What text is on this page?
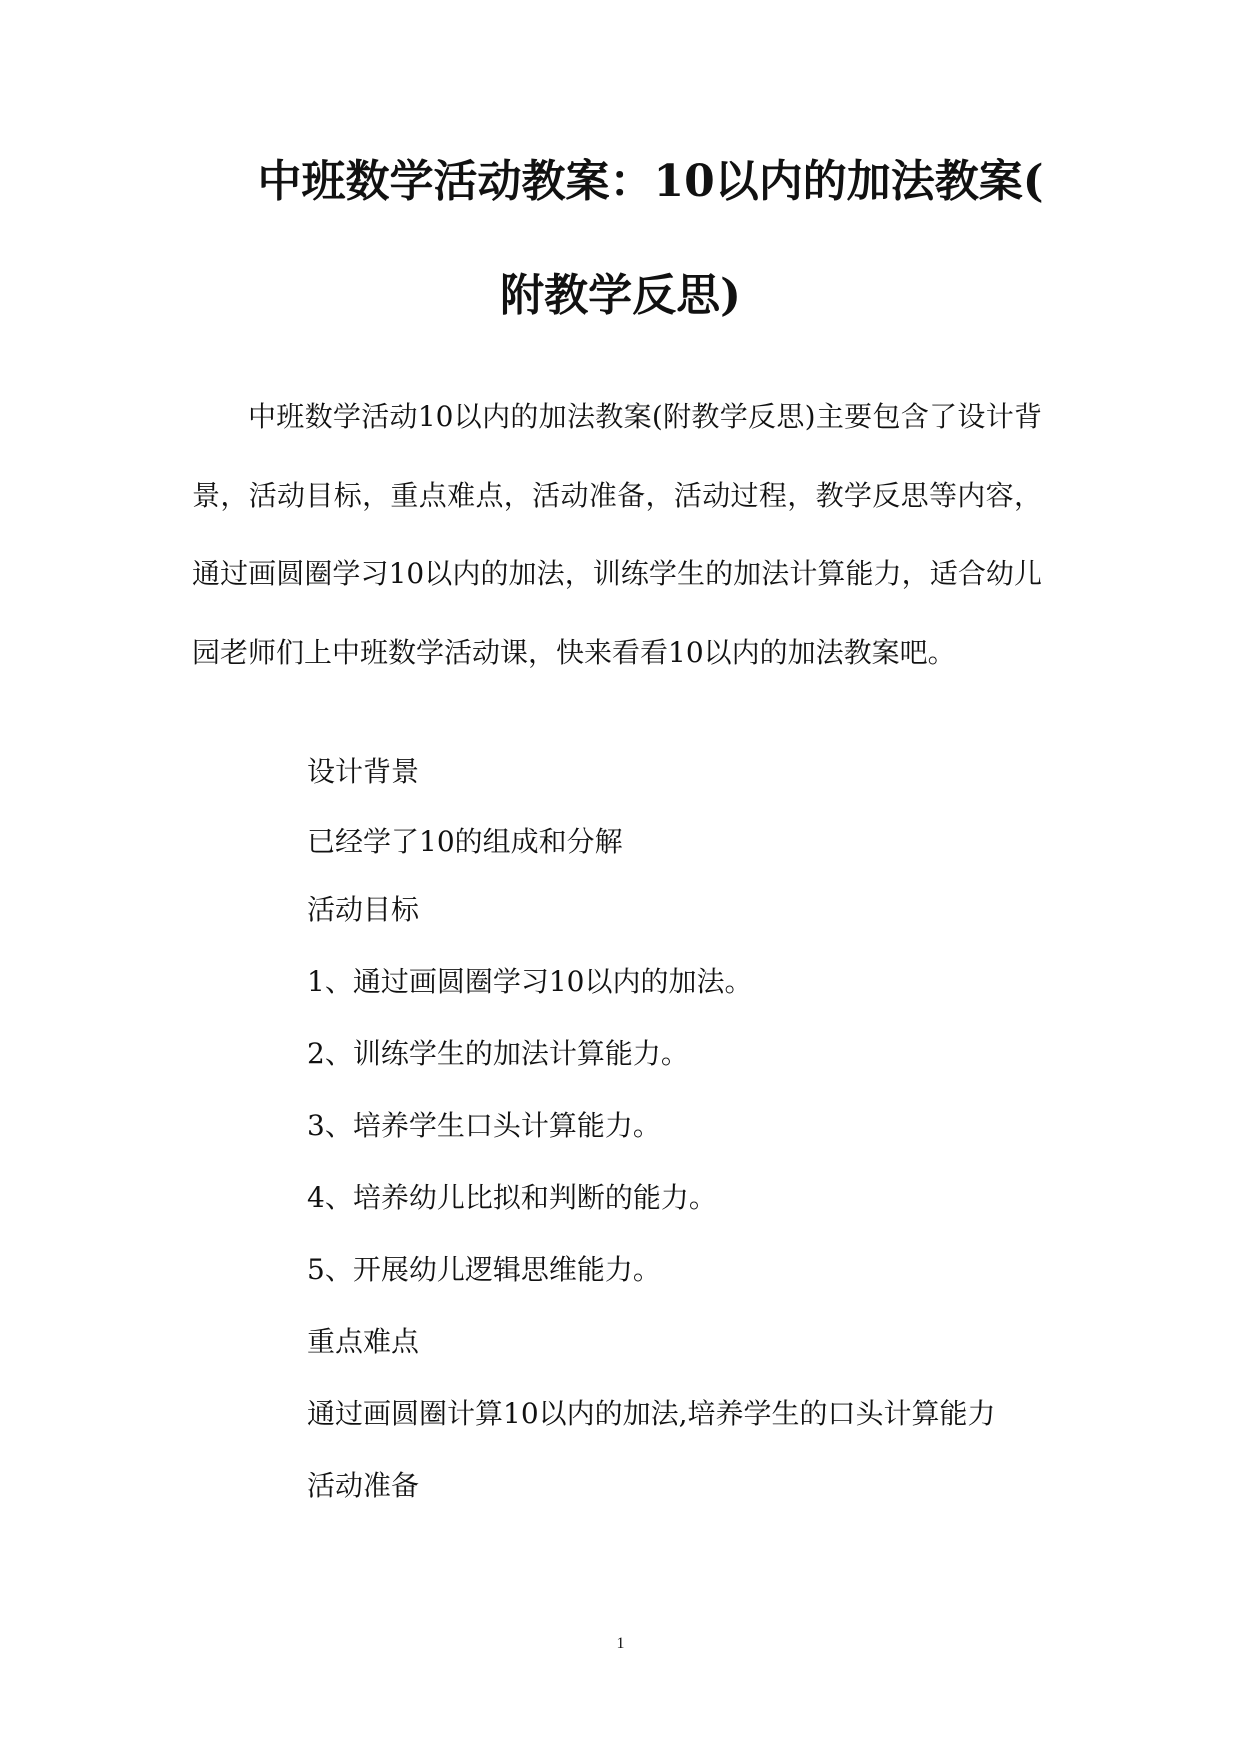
中班数学活动教案：10以内的加法教案(
附教学反思)

中班数学活动10以内的加法教案(附教学反思)主要包含了设计背景，活动目标，重点难点，活动准备，活动过程，教学反思等内容，通过画圆圈学习10以内的加法，训练学生的加法计算能力，适合幼儿园老师们上中班数学活动课，快来看看10以内的加法教案吧。

设计背景
已经学了10的组成和分解
活动目标
1、通过画圆圈学习10以内的加法。
2、训练学生的加法计算能力。
3、培养学生口头计算能力。
4、培养幼儿比拟和判断的能力。
5、开展幼儿逻辑思维能力。
重点难点
通过画圆圈计算10以内的加法,培养学生的口头计算能力
活动准备
1
